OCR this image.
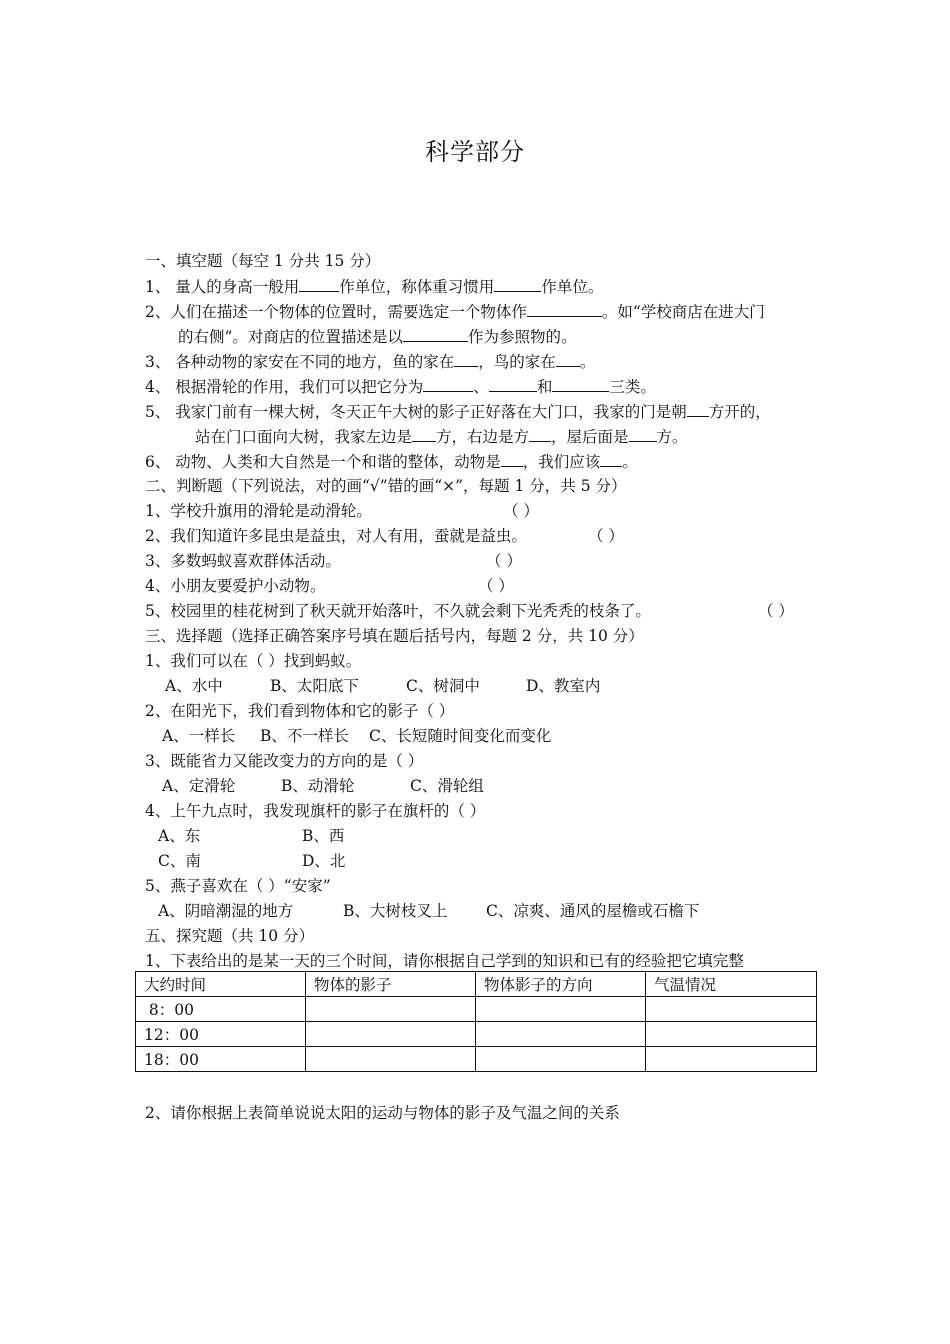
科学部分
一、填空题（每空 1 分共 15 分）
1、 量人的身高一般用	作单位，称体重习惯用	作单位。
2、人们在描述一个物体的位置时，需要选定一个物体作	。如“学校商店在进大门
的右侧”。对商店的位置描述是以	作为参照物的。
3、 各种动物的家安在不同的地方，鱼的家在 ，鸟的家在 。
4、 根据滑轮的作用，我们可以把它分为	、	和	三类。
5、 我家门前有一棵大树，冬天正午大树的影子正好落在大门口，我家的门是朝 方开的，
站在门口面向大树，我家左边是 方，右边是方 ，屋后面是 方。
6、 动物、人类和大自然是一个和谐的整体，动物是 ，我们应该 。
二、判断题（下列说法，对的画“√”错的画“×”，每题 1 分，共 5 分）
1、学校升旗用的滑轮是动滑轮。	（ ）
2、我们知道许多昆虫是益虫，对人有用，蚕就是益虫。	（ ）
3、多数蚂蚁喜欢群体活动。	（ ）
4、小朋友要爱护小动物。	（ ）
5、校园里的桂花树到了秋天就开始落叶，不久就会剩下光秃秃的枝条了。	（ ）
三、选择题（选择正确答案序号填在题后括号内，每题 2 分，共 10 分）
1、我们可以在（ ）找到蚂蚁。
A、水中	B、太阳底下	C、树洞中	D、教室内
2、在阳光下，我们看到物体和它的影子（ ）
A、一样长 B、不一样长 C、长短随时间变化而变化
3、既能省力又能改变力的方向的是（ ）
A、定滑轮	B、动滑轮	C、滑轮组
4、上午九点时，我发现旗杆的影子在旗杆的（ ）
A、东	B、西
C、南	D、北
5、燕子喜欢在（ ）“安家”
A、阴暗潮湿的地方	B、大树枝叉上 C、凉爽、通风的屋檐或石檐下
五、探究题（共 10 分）
1、下表给出的是某一天的三个时间，请你根据自己学到的知识和已有的经验把它填完整
大约时间	物体的影子	物体影子的方向	气温情况
8：00			
12：00			
18：00			
2、请你根据上表简单说说太阳的运动与物体的影子及气温之间的关系
